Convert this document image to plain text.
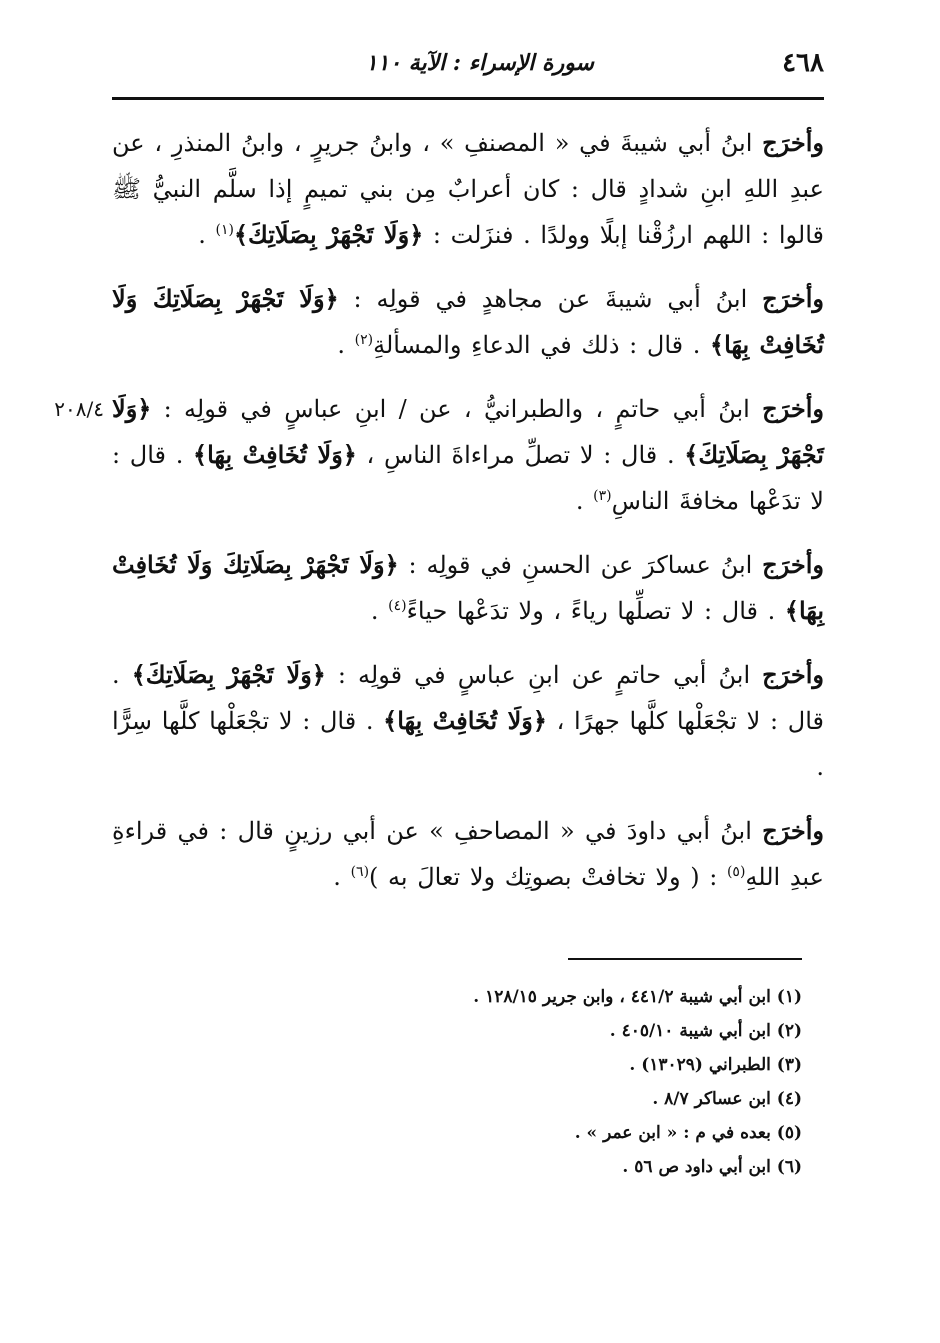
٤٦٨
سورة الإسراء : الآية ١١٠

وأخرَج ابنُ أبي شيبةَ في « المصنفِ » ، وابنُ جريرٍ ، وابنُ المنذرِ ، عن عبدِ اللهِ ابنِ شدادٍ قال : كان أعرابٌ مِن بني تميمٍ إذا سلَّم النبيُّ ﷺ قالوا : اللهم ارزُقْنا إبلًا وولدًا . فنزَلت : ﴿وَلَا تَجْهَرْ بِصَلَاتِكَ﴾$^{(١)}$ .

وأخرَج ابنُ أبي شيبةَ عن مجاهدٍ في قولِه : ﴿وَلَا تَجْهَرْ بِصَلَاتِكَ وَلَا تُخَافِتْ بِهَا﴾ . قال : ذلك في الدعاءِ والمسألةِ$^{(٢)}$ .

٢٠٨/٤	وأخرَج ابنُ أبي حاتمٍ ، والطبرانيُّ ، عن / ابنِ عباسٍ في قولِه : ﴿وَلَا تَجْهَرْ بِصَلَاتِكَ﴾ . قال : لا تصلِّ مراءاةَ الناسِ ، ﴿وَلَا تُخَافِتْ بِهَا﴾ . قال : لا تدَعْها مخافةَ الناسِ$^{(٣)}$ .

وأخرَج ابنُ عساكرَ عن الحسنِ في قولِه : ﴿وَلَا تَجْهَرْ بِصَلَاتِكَ وَلَا تُخَافِتْ بِهَا﴾ . قال : لا تصلِّها رياءً ، ولا تدَعْها حياءً$^{(٤)}$ .

وأخرَج ابنُ أبي حاتمٍ عن ابنِ عباسٍ في قولِه : ﴿وَلَا تَجْهَرْ بِصَلَاتِكَ﴾ . قال : لا تجْعَلْها كلَّها جهرًا ، ﴿وَلَا تُخَافِتْ بِهَا﴾ . قال : لا تجْعَلْها كلَّها سِرًّا .

وأخرَج ابنُ أبي داودَ في « المصاحفِ » عن أبي رزينٍ قال : في قراءةِ عبدِ اللهِ$^{(٥)}$ : ( ولا تخافتْ بصوتِك ولا تعالَ به )$^{(٦)}$ .

(١) ابن أبي شيبة ٤٤١/٢ ، وابن جرير ١٢٨/١٥ .
(٢) ابن أبي شيبة ٤٠٥/١٠ .
(٣) الطبراني (١٣٠٢٩) .
(٤) ابن عساكر ٨/٧ .
(٥) بعده في م : « ابن عمر » .
(٦) ابن أبي داود ص ٥٦ .
